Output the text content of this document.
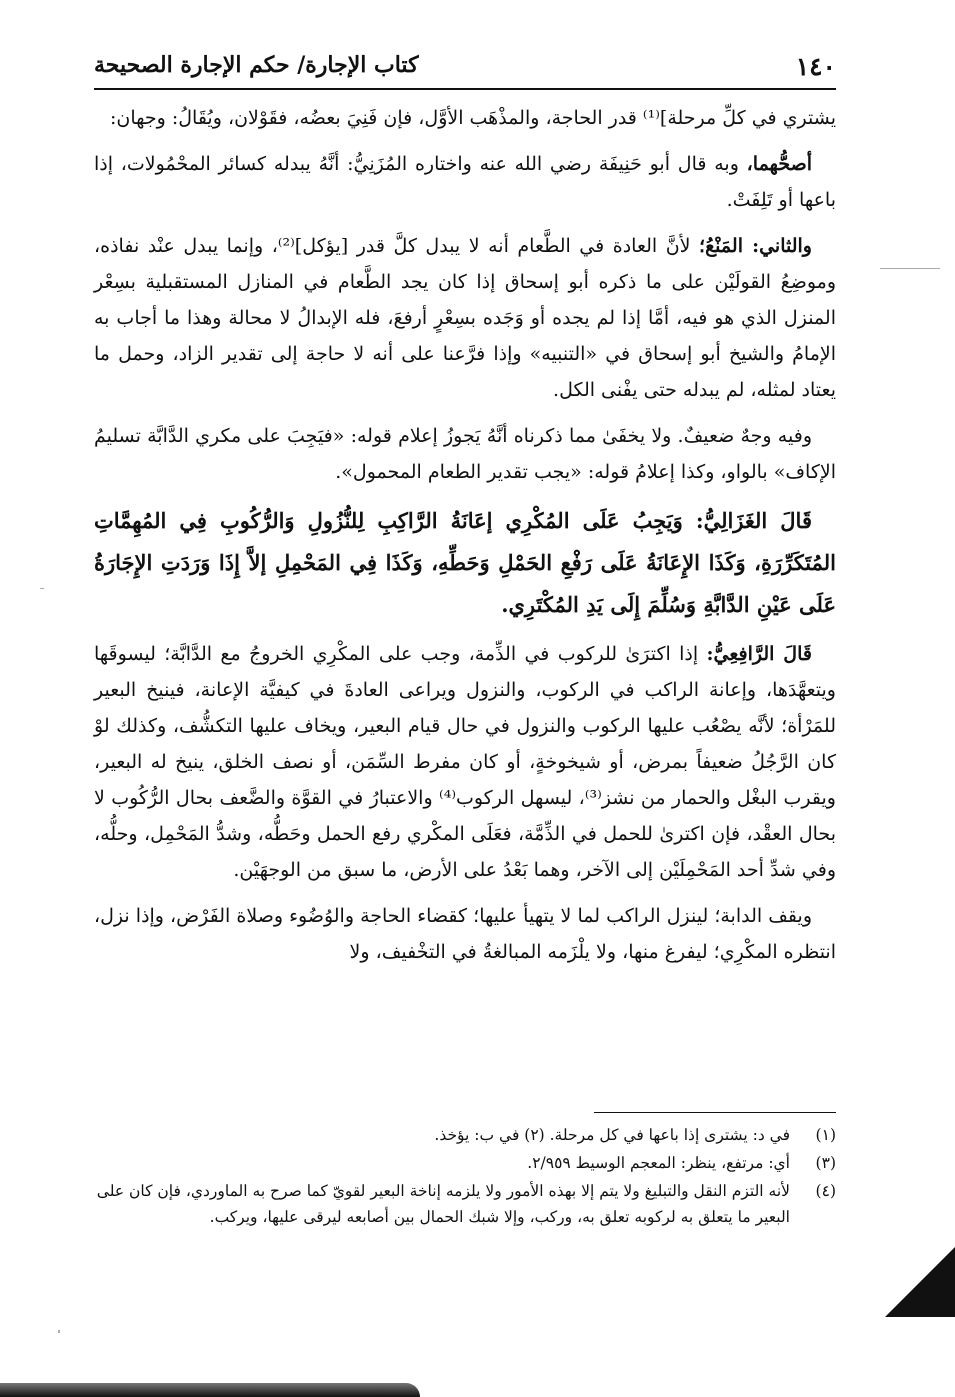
١٤٠
كتاب الإجارة/ حكم الإجارة الصحيحة

يشتري في كلِّ مرحلة]⁽¹⁾ قدر الحاجة، والمذْهَب الأوَّل، فإن فَنِيَ بعضُه، فقَوْلان، ويُقَالُ: وجهان:

أصحُّهما، وبه قال أبو حَنِيفَة رضي الله عنه واختاره المُزَنِيُّ: أنَّهُ يبدله كسائر المحْمُولات، إذا باعها أو تَلِفَتْ.

والثاني: المَنْعُ؛ لأنَّ العادة في الطَّعام أنه لا يبدل كلَّ قدر [يؤكل]⁽²⁾، وإنما يبدل عنْد نفاذه، وموضِعُ القولَيْن على ما ذكره أبو إسحاق إذا كان يجد الطَّعام في المنازل المستقبلية بسِعْر المنزل الذي هو فيه، أمَّا إذا لم يجده أو وَجَده بسِعْرٍ أرفعَ، فله الإبدالُ لا محالة وهذا ما أجاب به الإمامُ والشيخ أبو إسحاق في «التنبيه» وإذا فرَّعنا على أنه لا حاجة إلى تقدير الزاد، وحمل ما يعتاد لمثله، لم يبدله حتى يفْنى الكل.

وفيه وجهٌ ضعيفٌ. ولا يخفَىٰ مما ذكرناه أنَّهُ يَجوزُ إعلام قوله: «فيَجِبَ على مكري الدَّابَّة تسليمُ الإكاف» بالواو، وكذا إعلامُ قوله: «يجب تقدير الطعام المحمول».

قَالَ الغَزَالِيُّ: وَيَجِبُ عَلَى المُكْرِي إعَانَةُ الرَّاكِبِ لِلنُّزُولِ وَالرُّكُوبِ فِي المُهِمَّاتِ المُتَكَرِّرَةِ، وَكَذَا الإِعَانَةُ عَلَى رَفْعِ الحَمْلِ وَحَطِّهِ، وَكَذَا فِي المَحْمِلِ إلاَّ إِذَا وَرَدَتِ الإِجَارَةُ عَلَى عَيْنِ الدَّابَّةِ وَسُلِّمَ إِلَى يَدِ المُكْتَرِي.

قَالَ الرَّافِعِيُّ: إذا اكترَىٰ للركوب في الذِّمة، وجب على المكْرِي الخروجُ مع الدَّابَّة؛ ليسوقَها ويتعهَّدَها، وإعانة الراكب في الركوب، والنزول ويراعى العادةَ في كيفيَّة الإعانة، فينيخ البعير للمَرْأة؛ لأنَّه يصْعُب عليها الركوب والنزول في حال قيام البعير، ويخاف عليها التكشُّف، وكذلك لوْ كان الرَّجُلُ ضعيفاً بمرض، أو شيخوخةٍ، أو كان مفرط السِّمَن، أو نصف الخلق، ينيخ له البعير، ويقرب البغْل والحمار من نشز⁽³⁾، ليسهل الركوب⁽⁴⁾ والاعتبارُ في القوَّة والضَّعف بحال الرُّكُوب لا بحال العقْد، فإن اكترىٰ للحمل في الذِّمَّة، فعَلَى المكْري رفع الحمل وحَطُّه، وشدُّ المَحْمِل، وحلُّه، وفي شدِّ أحد المَحْمِلَيْن إلى الآخر، وهما بَعْدُ على الأرض، ما سبق من الوجهَيْن.

ويقف الدابة؛ لينزل الراكب لما لا يتهيأ عليها؛ كقضاء الحاجة والوُضُوء وصلاة الفَرْض، وإذا نزل، انتظره المكْرِي؛ ليفرغ منها، ولا يلْزَمه المبالغةُ في التخْفيف، ولا

(١)
في د: يشترى إذا باعها في كل مرحلة. (٢) في ب: يؤخذ.
(٣)
أي: مرتفع، ينظر: المعجم الوسيط ٢/٩٥٩.
(٤)
لأنه التزم النقل والتبليغ ولا يتم إلا بهذه الأمور ولا يلزمه إناخة البعير لقويّ كما صرح به الماوردي، فإن كان على البعير ما يتعلق به لركوبه تعلق به، وركب، وإلا شبك الحمال بين أصابعه ليرقى عليها، ويركب.
